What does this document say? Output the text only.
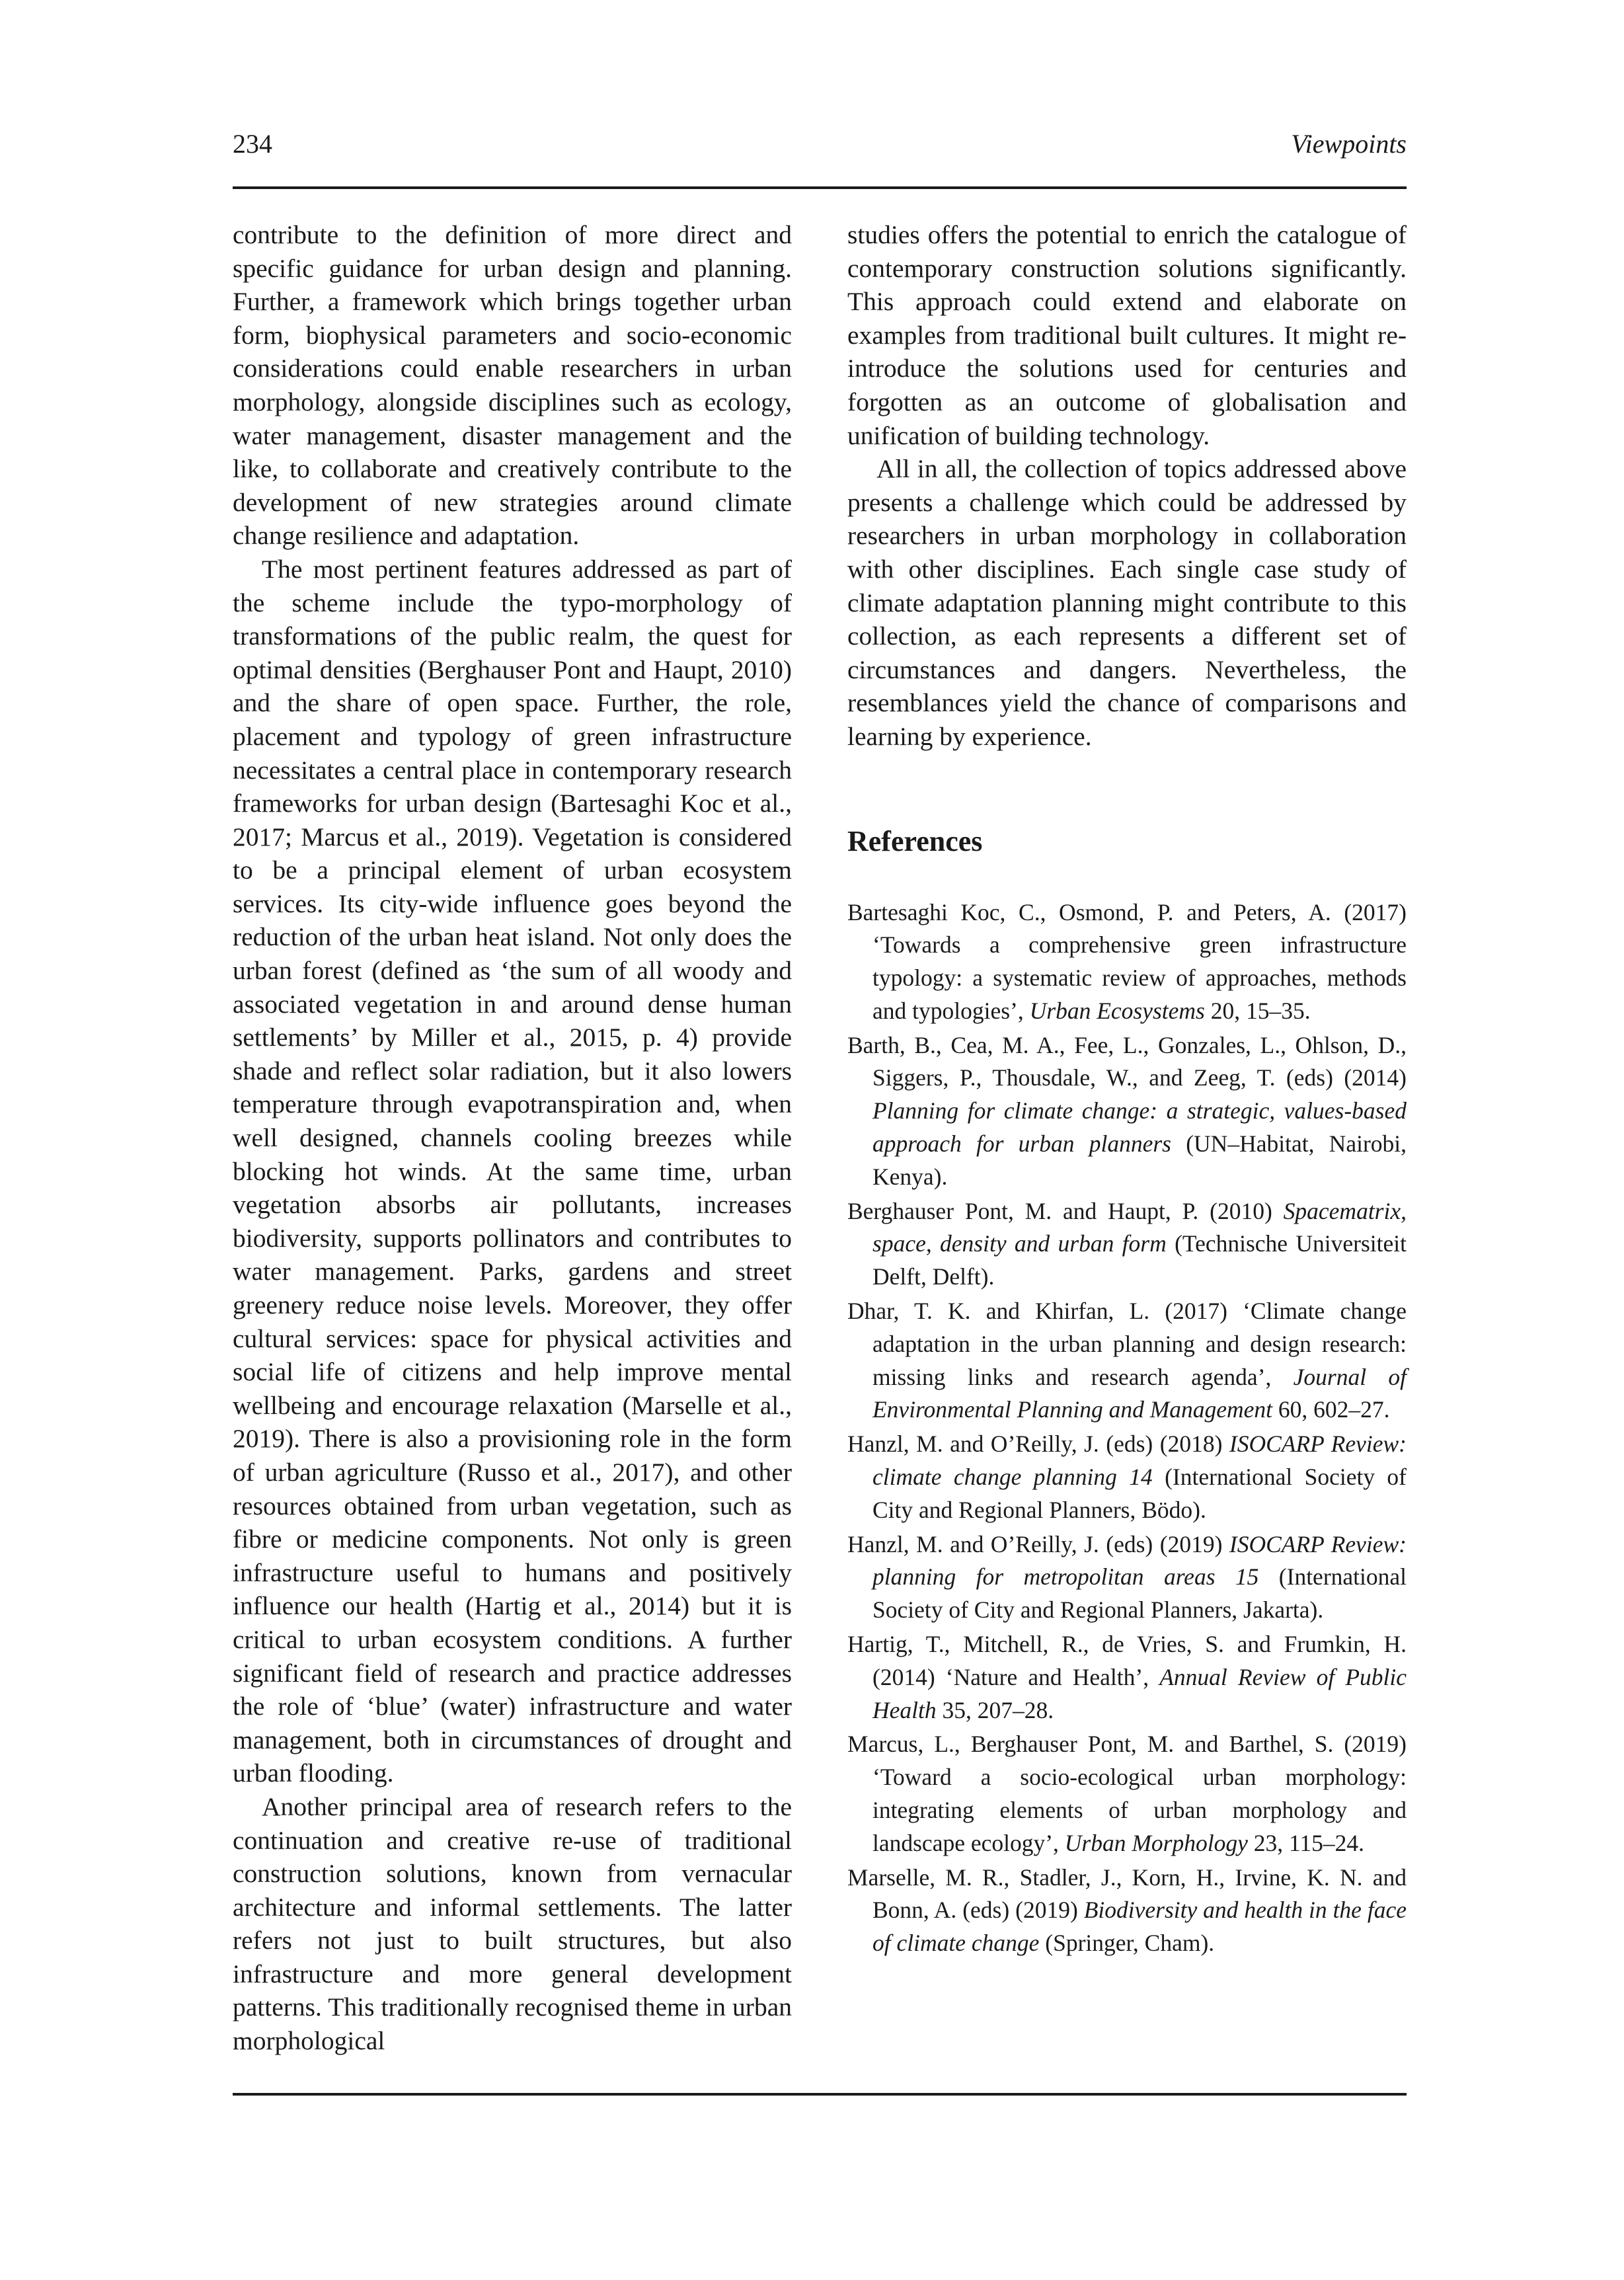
234	Viewpoints

contribute to the definition of more direct and specific guidance for urban design and planning. Further, a framework which brings together urban form, biophysical parameters and socio-economic considerations could enable researchers in urban morphology, alongside disciplines such as ecology, water management, disaster management and the like, to collaborate and creatively contribute to the development of new strategies around climate change resilience and adaptation.

The most pertinent features addressed as part of the scheme include the typo-morphology of transformations of the public realm, the quest for optimal densities (Berghauser Pont and Haupt, 2010) and the share of open space. Further, the role, placement and typology of green infrastructure necessitates a central place in contemporary research frameworks for urban design (Bartesaghi Koc et al., 2017; Marcus et al., 2019). Vegetation is considered to be a principal element of urban ecosystem services. Its city-wide influence goes beyond the reduction of the urban heat island. Not only does the urban forest (defined as ‘the sum of all woody and associated vegetation in and around dense human settlements’ by Miller et al., 2015, p. 4) provide shade and reflect solar radiation, but it also lowers temperature through evapotranspiration and, when well designed, channels cooling breezes while blocking hot winds. At the same time, urban vegetation absorbs air pollutants, increases biodiversity, supports pollinators and contributes to water management. Parks, gardens and street greenery reduce noise levels. Moreover, they offer cultural services: space for physical activities and social life of citizens and help improve mental wellbeing and encourage relaxation (Marselle et al., 2019). There is also a provisioning role in the form of urban agriculture (Russo et al., 2017), and other resources obtained from urban vegetation, such as fibre or medicine components. Not only is green infrastructure useful to humans and positively influence our health (Hartig et al., 2014) but it is critical to urban ecosystem conditions. A further significant field of research and practice addresses the role of ‘blue’ (water) infrastructure and water management, both in circumstances of drought and urban flooding.

Another principal area of research refers to the continuation and creative re-use of traditional construction solutions, known from vernacular architecture and informal settlements. The latter refers not just to built structures, but also infrastructure and more general development patterns. This traditionally recognised theme in urban morphological

studies offers the potential to enrich the catalogue of contemporary construction solutions significantly. This approach could extend and elaborate on examples from traditional built cultures. It might re-introduce the solutions used for centuries and forgotten as an outcome of globalisation and unification of building technology.

All in all, the collection of topics addressed above presents a challenge which could be addressed by researchers in urban morphology in collaboration with other disciplines. Each single case study of climate adaptation planning might contribute to this collection, as each represents a different set of circumstances and dangers. Nevertheless, the resemblances yield the chance of comparisons and learning by experience.

References
Bartesaghi Koc, C., Osmond, P. and Peters, A. (2017) ‘Towards a comprehensive green infrastructure typology: a systematic review of approaches, methods and typologies’, Urban Ecosystems 20, 15–35.
Barth, B., Cea, M. A., Fee, L., Gonzales, L., Ohlson, D., Siggers, P., Thousdale, W., and Zeeg, T. (eds) (2014) Planning for climate change: a strategic, values-based approach for urban planners (UN–Habitat, Nairobi, Kenya).
Berghauser Pont, M. and Haupt, P. (2010) Spacematrix, space, density and urban form (Technische Universiteit Delft, Delft).
Dhar, T. K. and Khirfan, L. (2017) ‘Climate change adaptation in the urban planning and design research: missing links and research agenda’, Journal of Environmental Planning and Management 60, 602–27.
Hanzl, M. and O’Reilly, J. (eds) (2018) ISOCARP Review: climate change planning 14 (International Society of City and Regional Planners, Bödo).
Hanzl, M. and O’Reilly, J. (eds) (2019) ISOCARP Review: planning for metropolitan areas 15 (International Society of City and Regional Planners, Jakarta).
Hartig, T., Mitchell, R., de Vries, S. and Frumkin, H. (2014) ‘Nature and Health’, Annual Review of Public Health 35, 207–28.
Marcus, L., Berghauser Pont, M. and Barthel, S. (2019) ‘Toward a socio-ecological urban morphology: integrating elements of urban morphology and landscape ecology’, Urban Morphology 23, 115–24.
Marselle, M. R., Stadler, J., Korn, H., Irvine, K. N. and Bonn, A. (eds) (2019) Biodiversity and health in the face of climate change (Springer, Cham).
